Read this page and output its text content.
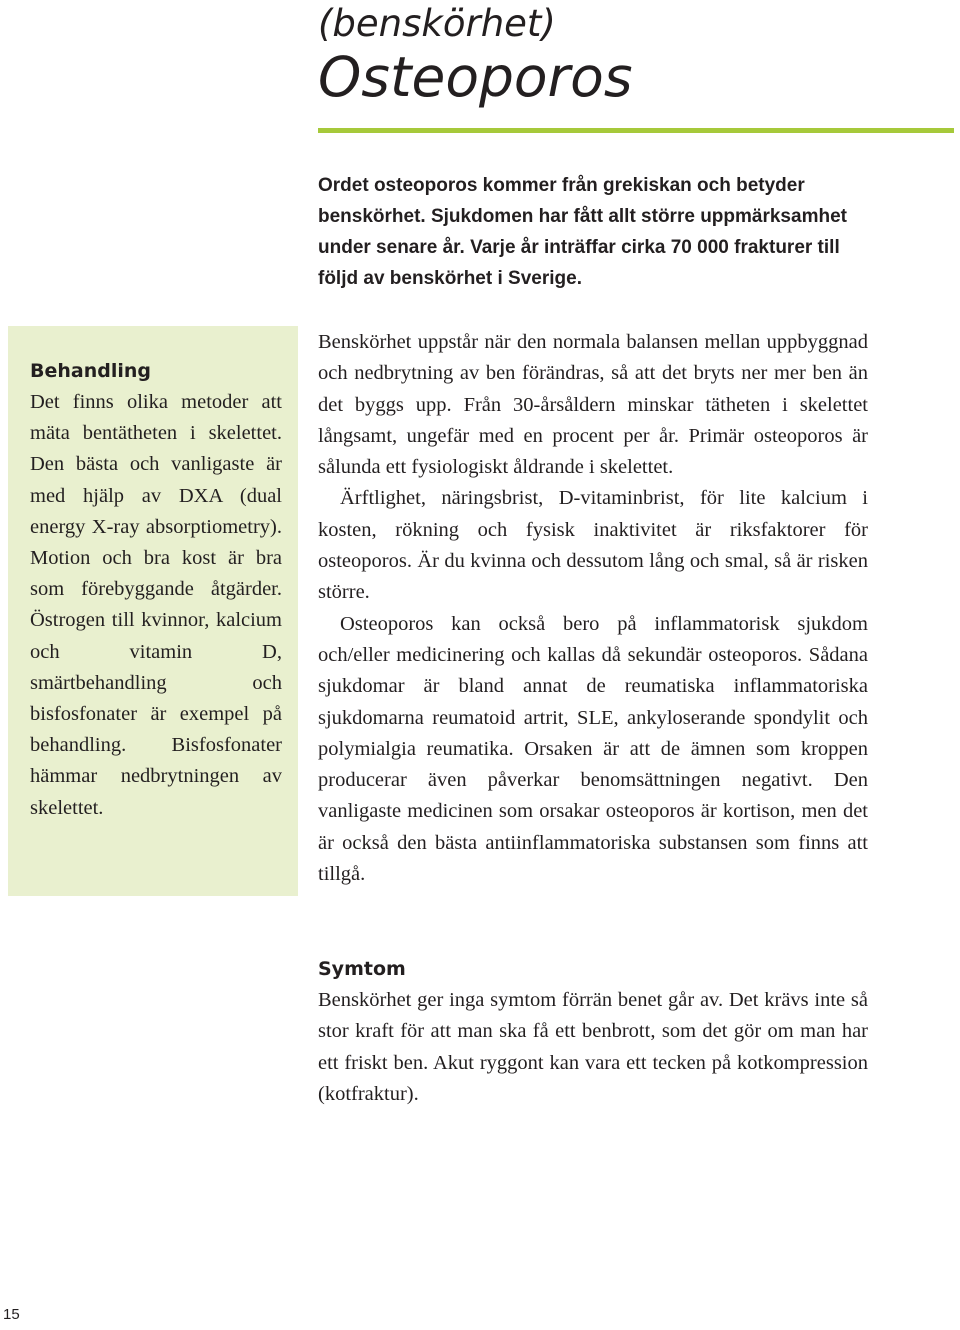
(benskörhet)
Osteoporos
Ordet osteoporos kommer från grekiskan och betyder benskörhet. Sjukdomen har fått allt större uppmärksamhet under senare år. Varje år inträffar cirka 70 000 frakturer till följd av benskörhet i Sverige.
Behandling

Det finns olika metoder att mäta bentätheten i skelettet. Den bästa och vanligaste är med hjälp av DXA (dual energy X-ray absorptiometry). Motion och bra kost är bra som förebyggande åtgärder. Östrogen till kvinnor, kalcium och vitamin D, smärtbehandling och bisfosfonater är exempel på behandling. Bisfosfonater hämmar nedbrytningen av skelettet.

Benskörhet uppstår när den normala balansen mellan uppbyggnad och nedbrytning av ben förändras, så att det bryts ner mer ben än det byggs upp. Från 30-årsåldern minskar tätheten i skelettet långsamt, ungefär med en procent per år. Primär osteoporos är sålunda ett fysiologiskt åldrande i skelettet.

Ärftlighet, näringsbrist, D-vitaminbrist, för lite kalcium i kosten, rökning och fysisk inaktivitet är riksfaktorer för osteoporos. Är du kvinna och dessutom lång och smal, så är risken större.

Osteoporos kan också bero på inflammatorisk sjukdom och/eller medicinering och kallas då sekundär osteoporos. Sådana sjukdomar är bland annat de reumatiska inflammatoriska sjukdomarna reumatoid artrit, SLE, ankyloserande spondylit och polymialgia reumatika. Orsaken är att de ämnen som kroppen producerar även påverkar benomsättningen negativt. Den vanligaste medicinen som orsakar osteoporos är kortison, men det är också den bästa antiinflammatoriska substansen som finns att tillgå.

Symtom

Benskörhet ger inga symtom förrän benet går av. Det krävs inte så stor kraft för att man ska få ett benbrott, som det gör om man har ett friskt ben. Akut ryggont kan vara ett tecken på kotkompression (kotfraktur).

15
